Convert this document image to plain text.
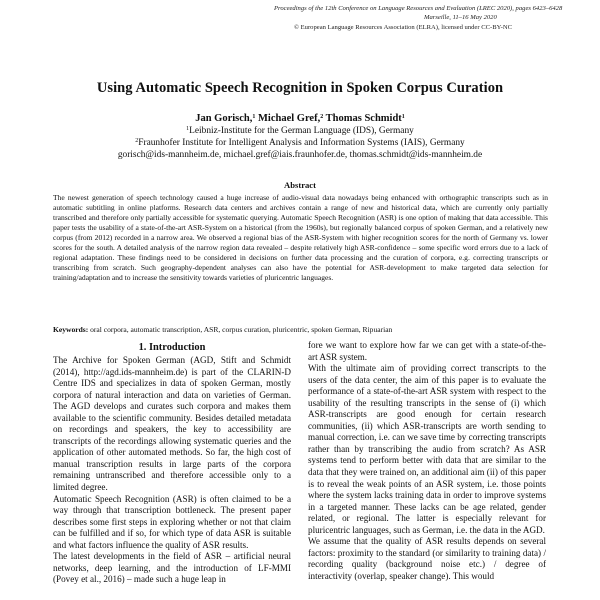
Proceedings of the 12th Conference on Language Resources and Evaluation (LREC 2020), pages 6423–6428
Marseille, 11–16 May 2020
© European Language Resources Association (ELRA), licensed under CC-BY-NC
Using Automatic Speech Recognition in Spoken Corpus Curation
Jan Gorisch,$^1$ Michael Gref,$^2$ Thomas Schmidt$^1$
$^1$Leibniz-Institute for the German Language (IDS), Germany
$^2$Fraunhofer Institute for Intelligent Analysis and Information Systems (IAIS), Germany
gorisch@ids-mannheim.de, michael.gref@iais.fraunhofer.de, thomas.schmidt@ids-mannheim.de
Abstract
The newest generation of speech technology caused a huge increase of audio-visual data nowadays being enhanced with orthographic transcripts such as in automatic subtitling in online platforms. Research data centers and archives contain a range of new and historical data, which are currently only partially transcribed and therefore only partially accessible for systematic querying. Automatic Speech Recognition (ASR) is one option of making that data accessible. This paper tests the usability of a state-of-the-art ASR-System on a historical (from the 1960s), but regionally balanced corpus of spoken German, and a relatively new corpus (from 2012) recorded in a narrow area. We observed a regional bias of the ASR-System with higher recognition scores for the north of Germany vs. lower scores for the south. A detailed analysis of the narrow region data revealed – despite relatively high ASR-confidence – some specific word errors due to a lack of regional adaptation. These findings need to be considered in decisions on further data processing and the curation of corpora, e.g. correcting transcripts or transcribing from scratch. Such geography-dependent analyses can also have the potential for ASR-development to make targeted data selection for training/adaptation and to increase the sensitivity towards varieties of pluricentric languages.
Keywords: oral corpora, automatic transcription, ASR, corpus curation, pluricentric, spoken German, Ripuarian
1. Introduction

The Archive for Spoken German (AGD, Stift and Schmidt (2014), http://agd.ids-mannheim.de) is part of the CLARIN-D Centre IDS and specializes in data of spoken German, mostly corpora of natural interaction and data on varieties of German. The AGD develops and curates such corpora and makes them available to the scientific community. Besides detailed metadata on recordings and speakers, the key to accessibility are transcripts of the recordings allowing systematic queries and the application of other automated methods. So far, the high cost of manual transcription results in large parts of the corpora remaining untranscribed and therefore accessible only to a limited degree.

Automatic Speech Recognition (ASR) is often claimed to be a way through that transcription bottleneck. The present paper describes some first steps in exploring whether or not that claim can be fulfilled and if so, for which type of data ASR is suitable and what factors influence the quality of ASR results.

The latest developments in the field of ASR – artificial neural networks, deep learning, and the introduction of LF-MMI (Povey et al., 2016) – made such a huge leap in

fore we want to explore how far we can get with a state-of-the-art ASR system.

With the ultimate aim of providing correct transcripts to the users of the data center, the aim of this paper is to evaluate the performance of a state-of-the-art ASR system with respect to the usability of the resulting transcripts in the sense of (i) which ASR-transcripts are good enough for certain research communities, (ii) which ASR-transcripts are worth sending to manual correction, i.e. can we save time by correcting transcripts rather than by transcribing the audio from scratch? As ASR systems tend to perform better with data that are similar to the data that they were trained on, an additional aim (ii) of this paper is to reveal the weak points of an ASR system, i.e. those points where the system lacks training data in order to improve systems in a targeted manner. These lacks can be age related, gender related, or regional. The latter is especially relevant for pluricentric languages, such as German, i.e. the data in the AGD.

We assume that the quality of ASR results depends on several factors: proximity to the standard (or similarity to training data) / recording quality (background noise etc.) / degree of interactivity (overlap, speaker change). This would
